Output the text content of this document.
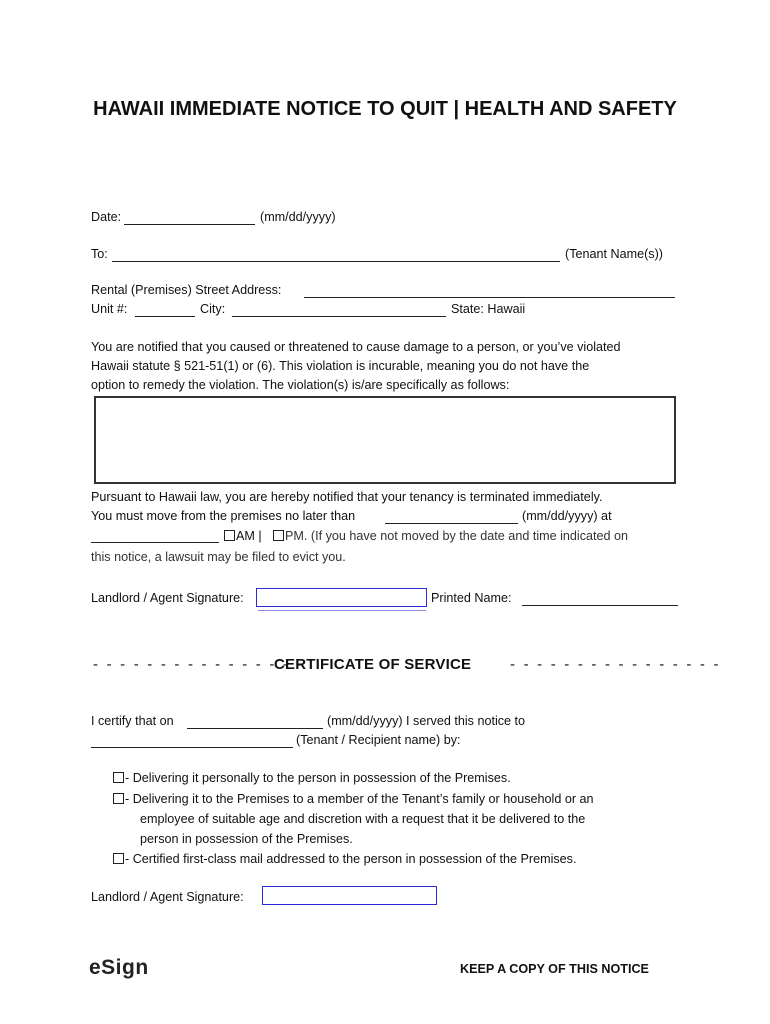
HAWAII IMMEDIATE NOTICE TO QUIT | HEALTH AND SAFETY
Date:	(mm/dd/yyyy)
To:	(Tenant Name(s))
Rental (Premises) Street Address:
Unit #:	City:	State: Hawaii
You are notified that you caused or threatened to cause damage to a person, or you’ve violated
Hawaii statute § 521-51(1) or (6). This violation is incurable, meaning you do not have the
option to remedy the violation. The violation(s) is/are specifically as follows:
Pursuant to Hawaii law, you are hereby notified that your tenancy is terminated immediately.
You must move from the premises no later than	(mm/dd/yyyy) at
AM |	PM. (If you have not moved by the date and time indicated on
this notice, a lawsuit may be filed to evict you.
Landlord / Agent Signature:	Printed Name:
- - - - - - - - - - - - - - - -
CERTIFICATE OF SERVICE	- - - - - - - - - - - - - - - -
I certify that on	(mm/dd/yyyy) I served this notice to
(Tenant / Recipient name) by:
- Delivering it personally to the person in possession of the Premises.
- Delivering it to the Premises to a member of the Tenant’s family or household or an
employee of suitable age and discretion with a request that it be delivered to the
person in possession of the Premises.
- Certified first-class mail addressed to the person in possession of the Premises.
Landlord / Agent Signature:
eSign	KEEP A COPY OF THIS NOTICE
